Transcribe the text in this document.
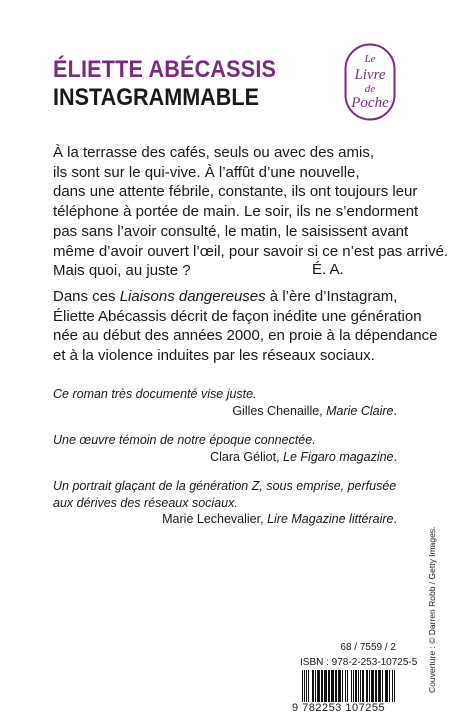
ÉLIETTE ABÉCASSIS
INSTAGRAMMABLE
Le
Livre
de
Poche

À la terrasse des cafés, seuls ou avec des amis,

ils sont sur le qui-vive. À l’affût d’une nouvelle,

dans une attente fébrile, constante, ils ont toujours leur

téléphone à portée de main. Le soir, ils ne s’endorment

pas sans l’avoir consulté, le matin, le saisissent avant

même d’avoir ouvert l’œil, pour savoir si ce n’est pas arrivé.

Mais quoi, au juste ?	É. A.

Dans ces Liaisons dangereuses à l’ère d’Instagram,

Éliette Abécassis décrit de façon inédite une génération

née au début des années 2000, en proie à la dépendance

et à la violence induites par les réseaux sociaux.

Ce roman très documenté vise juste.

Gilles Chenaille, Marie Claire.

Une œuvre témoin de notre époque connectée.

Clara Géliot, Le Figaro magazine.

Un portrait glaçant de la génération Z, sous emprise, perfusée

aux dérives des réseaux sociaux.

Marie Lechevalier, Lire Magazine littéraire.

Couverture : © Darren Robb / Getty Images.
68 / 7559 / 2
ISBN : 978-2-253-10725-5
9 782253 107255
